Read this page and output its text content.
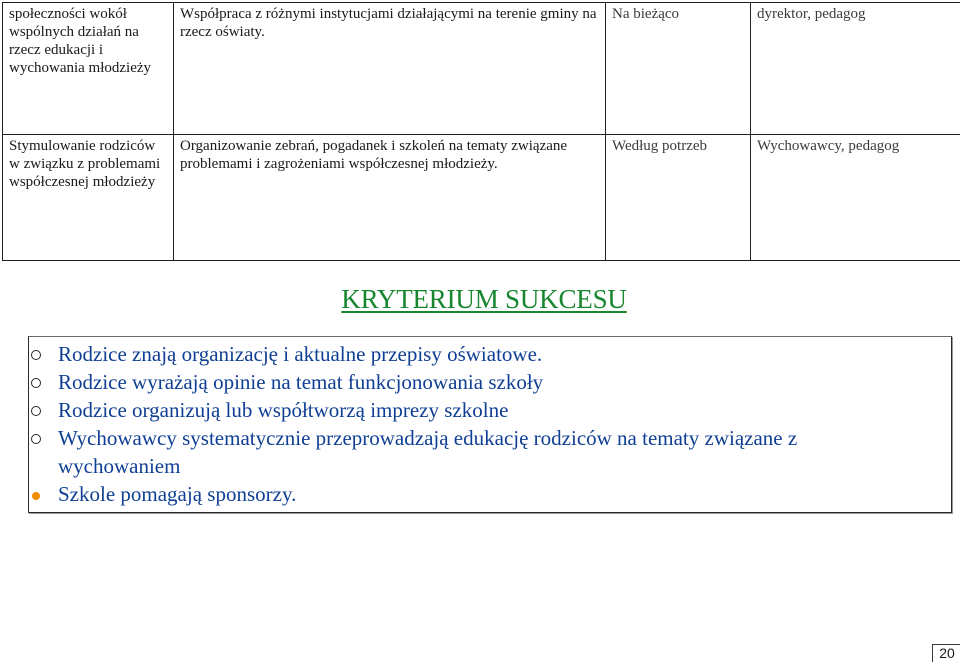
społeczności wokół wspólnych działań na rzecz edukacji i wychowania młodzieży	Współpraca z różnymi instytucjami działającymi na terenie gminy na rzecz oświaty.	Na bieżąco	dyrektor, pedagog
Stymulowanie rodziców w związku z problemami współczesnej młodzieży	Organizowanie zebrań, pogadanek i szkoleń na tematy związane problemami i zagrożeniami współczesnej młodzieży.	Według potrzeb	Wychowawcy, pedagog
KRYTERIUM SUKCESU
Rodzice znają organizację i aktualne przepisy oświatowe.
Rodzice wyrażają opinie na temat funkcjonowania szkoły
Rodzice organizują lub współtworzą imprezy szkolne
Wychowawcy systematycznie przeprowadzają edukację rodziców na tematy związane z wychowaniem
Szkole pomagają sponsorzy.
20
